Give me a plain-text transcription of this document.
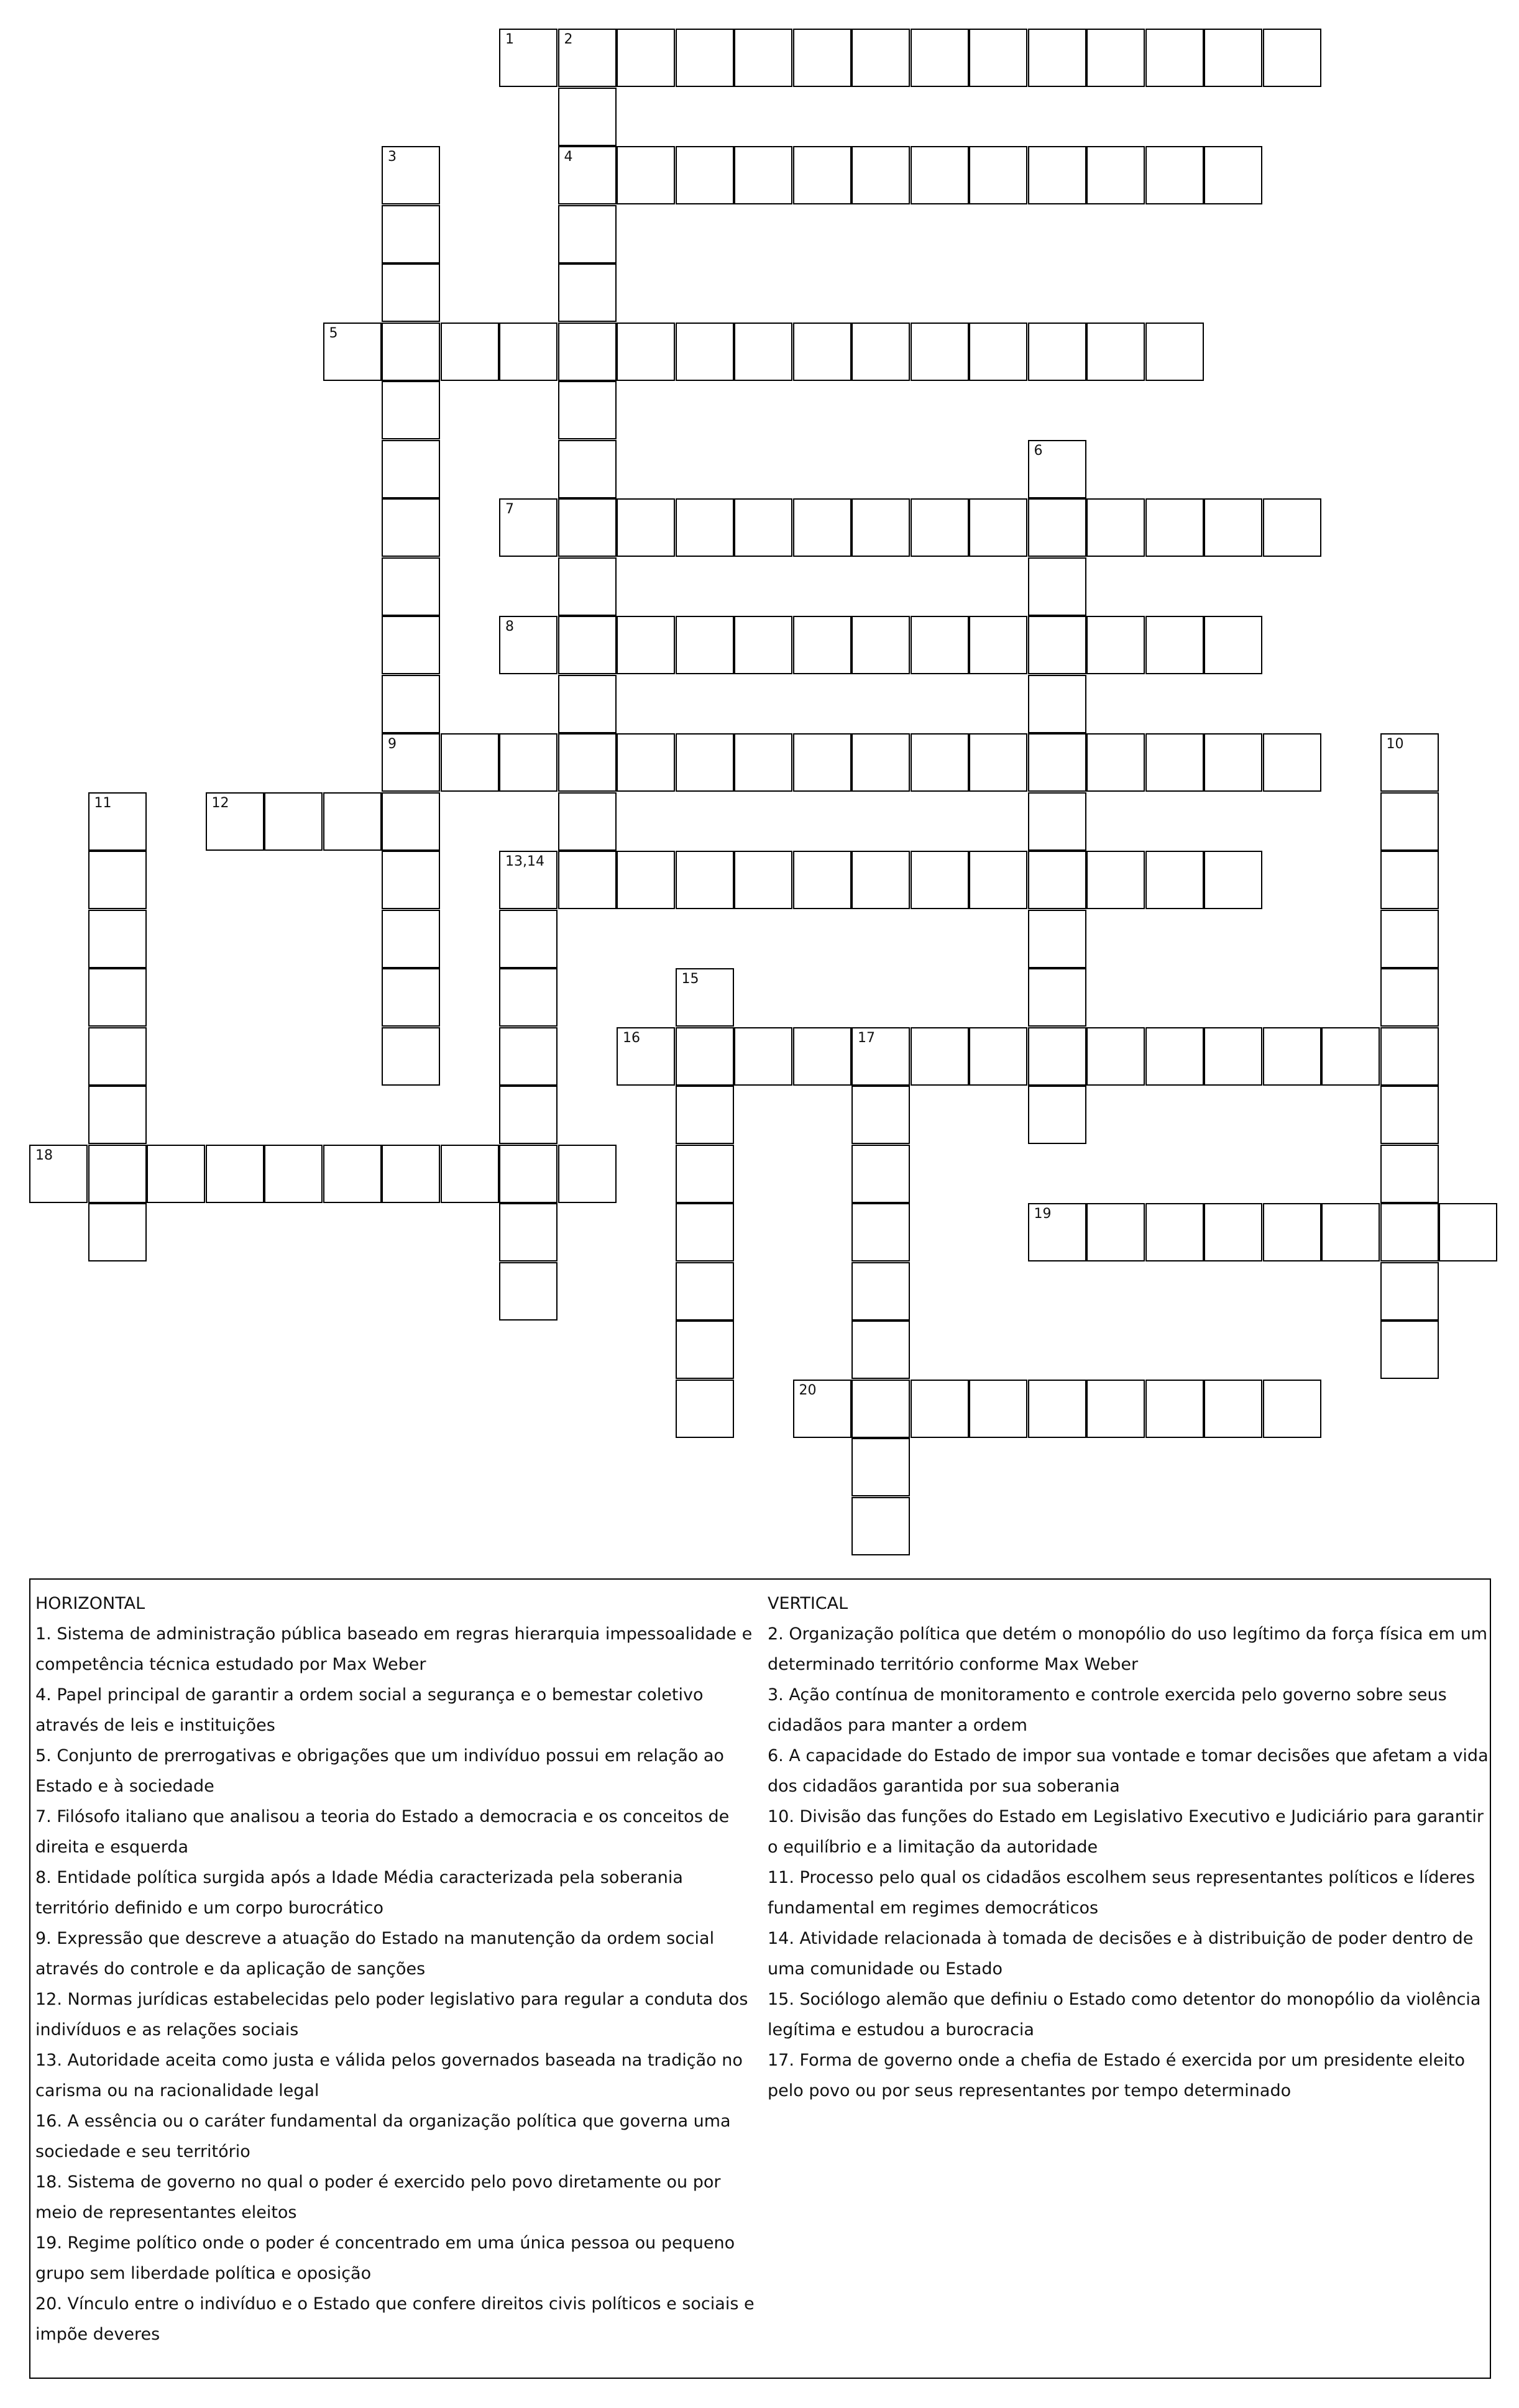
1	2
4
3
9
5
6
7
8
10
11	12
13,14
15
16	17
18
19
20
HORIZONTAL
1. Sistema de administração pública baseado em regras hierarquia impessoalidade e competência técnica estudado por Max Weber
4. Papel principal de garantir a ordem social a segurança e o bemestar coletivo através de leis e instituições
5. Conjunto de prerrogativas e obrigações que um indivíduo possui em relação ao Estado e à sociedade
7. Filósofo italiano que analisou a teoria do Estado a democracia e os conceitos de direita e esquerda
8. Entidade política surgida após a Idade Média caracterizada pela soberania território definido e um corpo burocrático
9. Expressão que descreve a atuação do Estado na manutenção da ordem social através do controle e da aplicação de sanções
12. Normas jurídicas estabelecidas pelo poder legislativo para regular a conduta dos indivíduos e as relações sociais
13. Autoridade aceita como justa e válida pelos governados baseada na tradição no carisma ou na racionalidade legal
16. A essência ou o caráter fundamental da organização política que governa uma sociedade e seu território
18. Sistema de governo no qual o poder é exercido pelo povo diretamente ou por meio de representantes eleitos
19. Regime político onde o poder é concentrado em uma única pessoa ou pequeno grupo sem liberdade política e oposição
20. Vínculo entre o indivíduo e o Estado que confere direitos civis políticos e sociais e impõe deveres
VERTICAL
2. Organização política que detém o monopólio do uso legítimo da força física em um determinado território conforme Max Weber
3. Ação contínua de monitoramento e controle exercida pelo governo sobre seus cidadãos para manter a ordem
6. A capacidade do Estado de impor sua vontade e tomar decisões que afetam a vida dos cidadãos garantida por sua soberania
10. Divisão das funções do Estado em Legislativo Executivo e Judiciário para garantir o equilíbrio e a limitação da autoridade
11. Processo pelo qual os cidadãos escolhem seus representantes políticos e líderes fundamental em regimes democráticos
14. Atividade relacionada à tomada de decisões e à distribuição de poder dentro de uma comunidade ou Estado
15. Sociólogo alemão que definiu o Estado como detentor do monopólio da violência legítima e estudou a burocracia
17. Forma de governo onde a chefia de Estado é exercida por um presidente eleito pelo povo ou por seus representantes por tempo determinado
